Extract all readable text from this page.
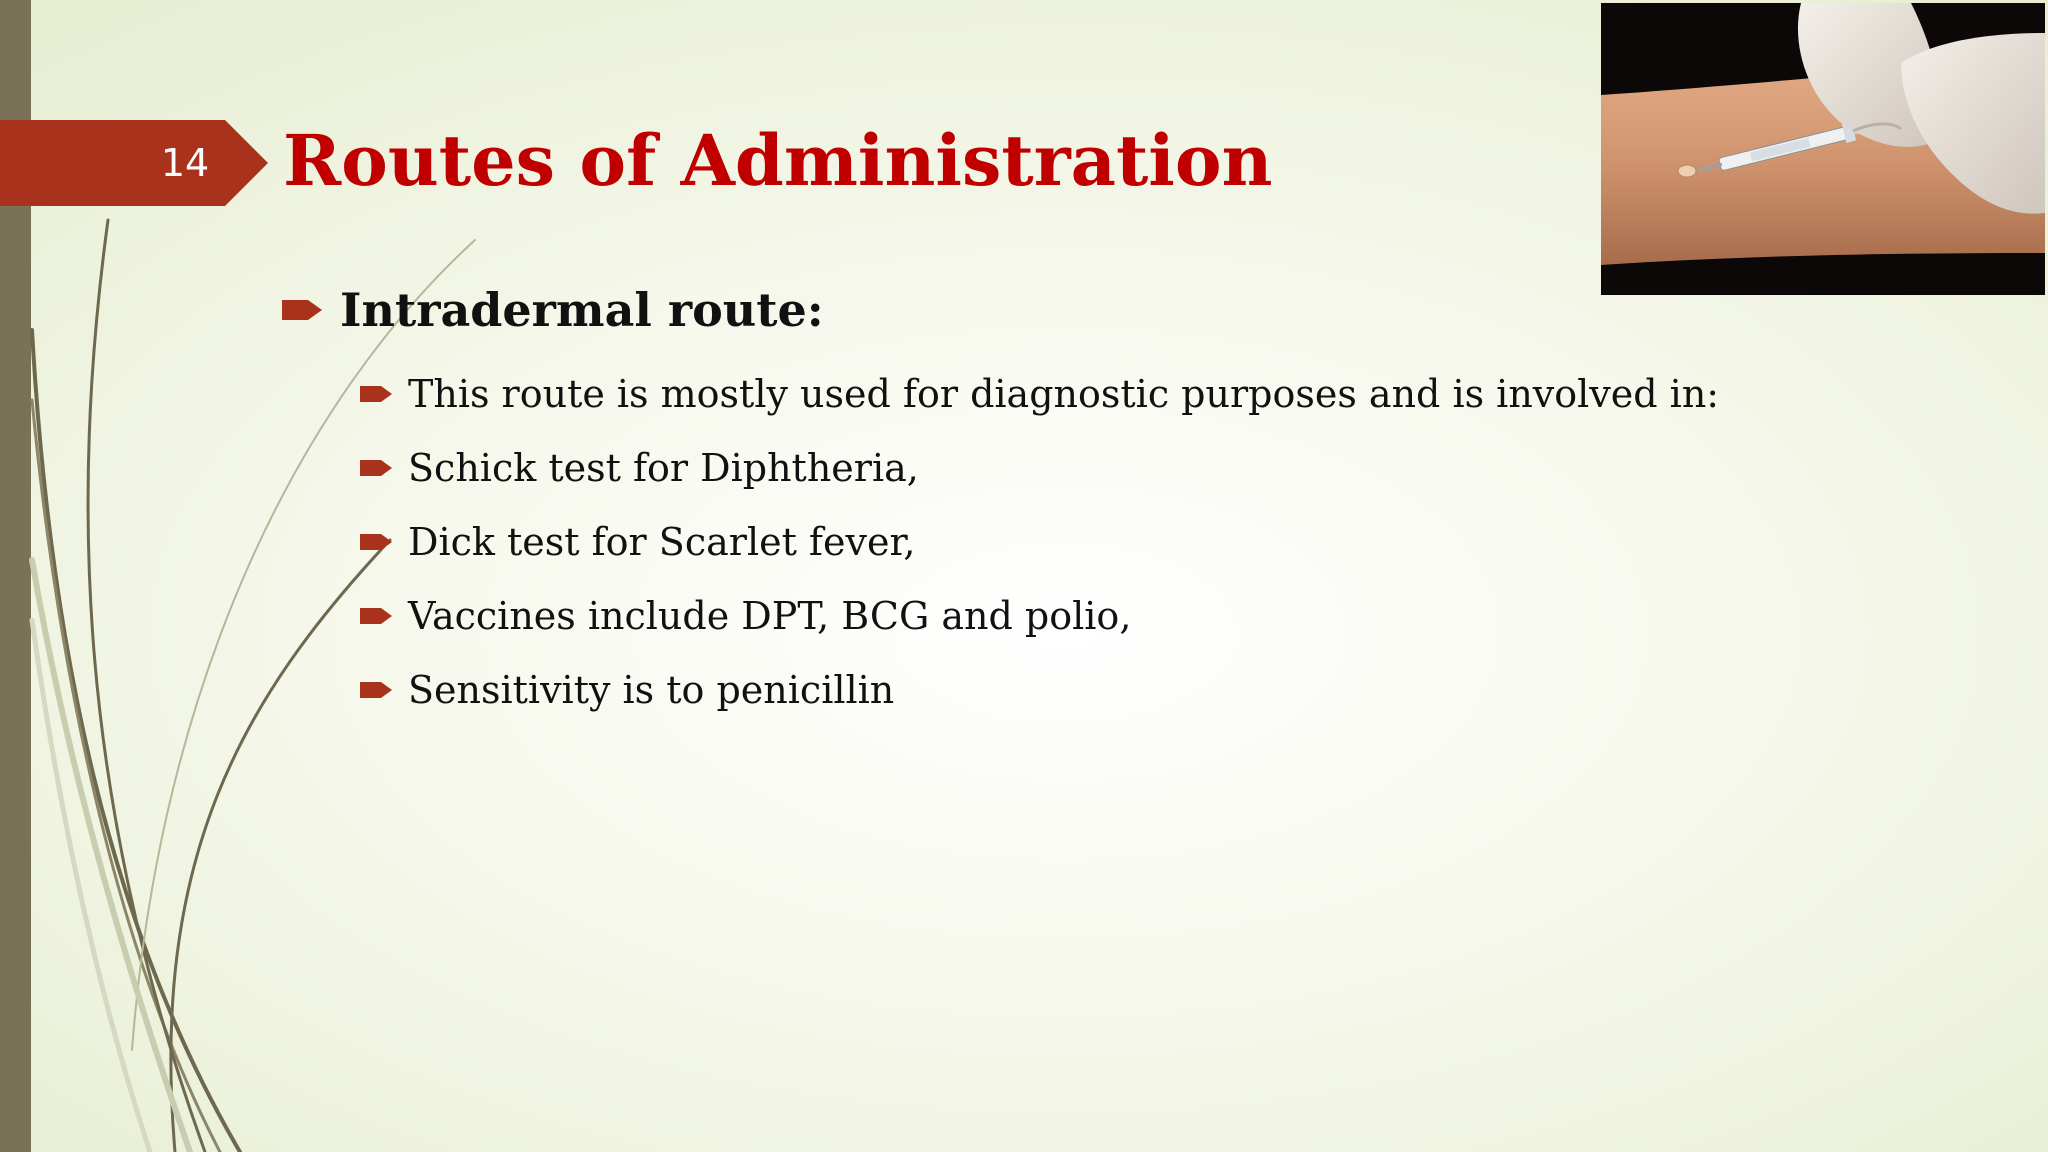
14	Routes of Administration
Intradermal route:
This route is mostly used for diagnostic purposes and is involved in:
Schick test for Diphtheria,
Dick test for Scarlet fever,
Vaccines include DPT, BCG and polio,
Sensitivity is to penicillin
